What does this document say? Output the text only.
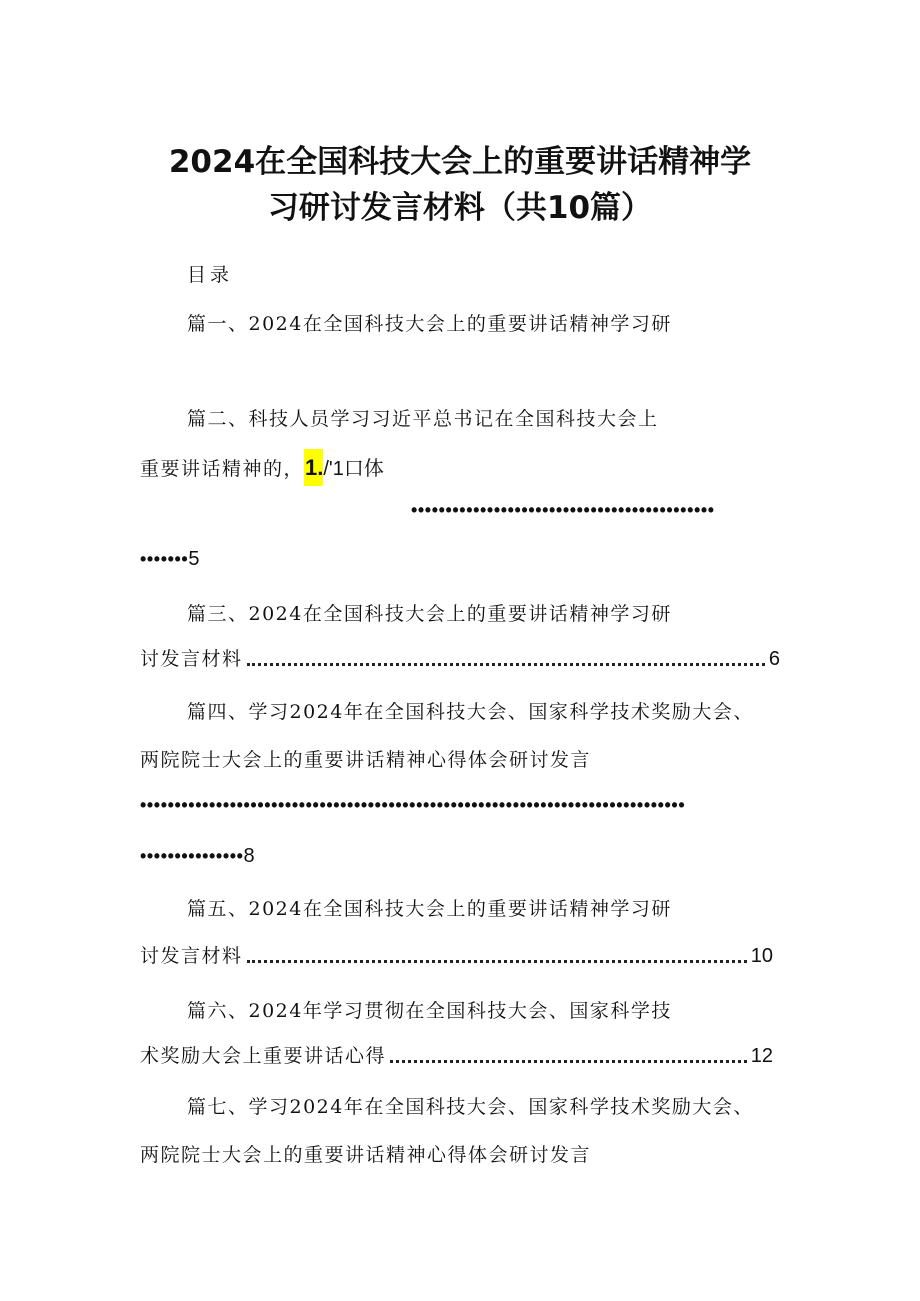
2024在全国科技大会上的重要讲话精神学
习研讨发言材料（共10篇）
目录
篇一、2024在全国科技大会上的重要讲话精神学习研
篇二、科技人员学习习近平总书记在全国科技大会上
重要讲话精神的，1./'1口体
••••••••••••••••••••••••••••••••••••••••••••
•••••••5
篇三、2024在全国科技大会上的重要讲话精神学习研
讨发言材料	6
篇四、学习2024年在全国科技大会、国家科学技术奖励大会、
两院院士大会上的重要讲话精神心得体会研讨发言
•••••••••••••••••••••••••••••••••••••••••••••••••••••••••••••••••••••••••••••••
•••••••••••••••8
篇五、2024在全国科技大会上的重要讲话精神学习研
讨发言材料	10
篇六、2024年学习贯彻在全国科技大会、国家科学技
术奖励大会上重要讲话心得	12
篇七、学习2024年在全国科技大会、国家科学技术奖励大会、
两院院士大会上的重要讲话精神心得体会研讨发言
